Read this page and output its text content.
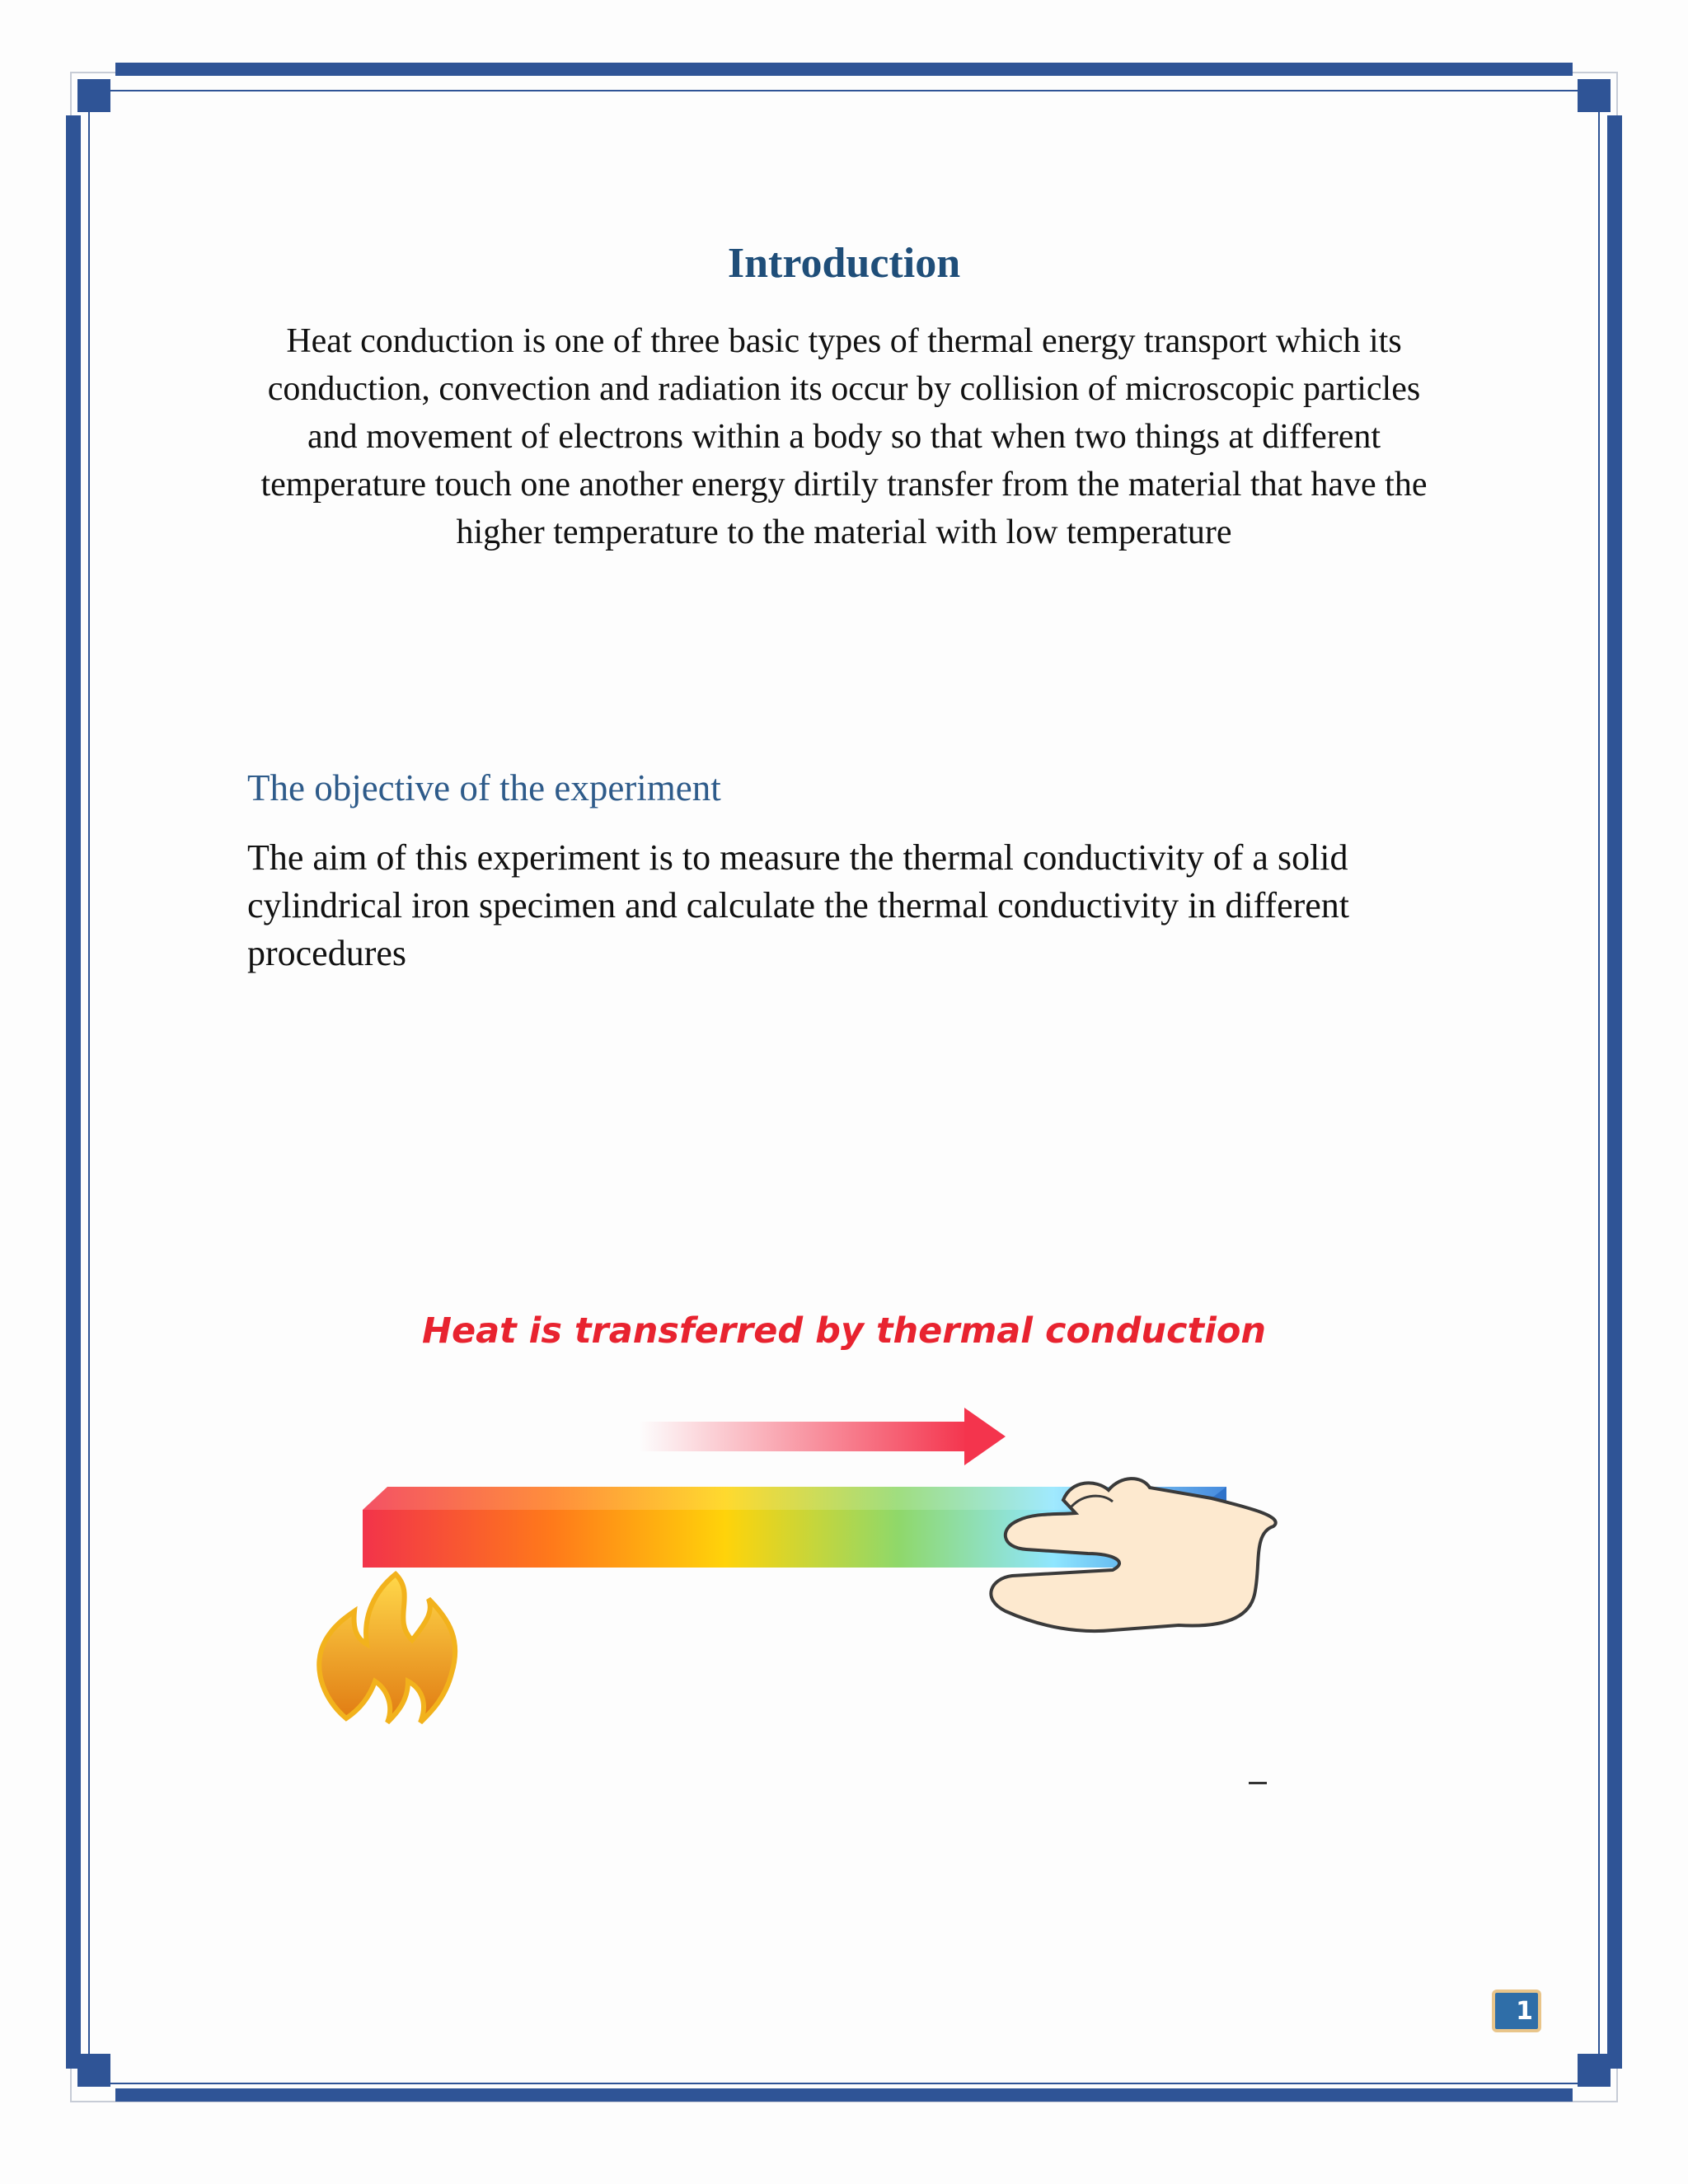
Introduction

Heat conduction is one of three basic types of thermal energy transport which its conduction, convection and radiation its occur by collision of microscopic particles and movement of electrons within a body so that when two things at different temperature touch one another energy dirtily transfer from the material that have the higher temperature to the material with low temperature

The objective of the experiment

The aim of this experiment is to measure the thermal conductivity of a solid cylindrical iron specimen and calculate the thermal conductivity in different procedures

Heat is transferred by thermal conduction
1
